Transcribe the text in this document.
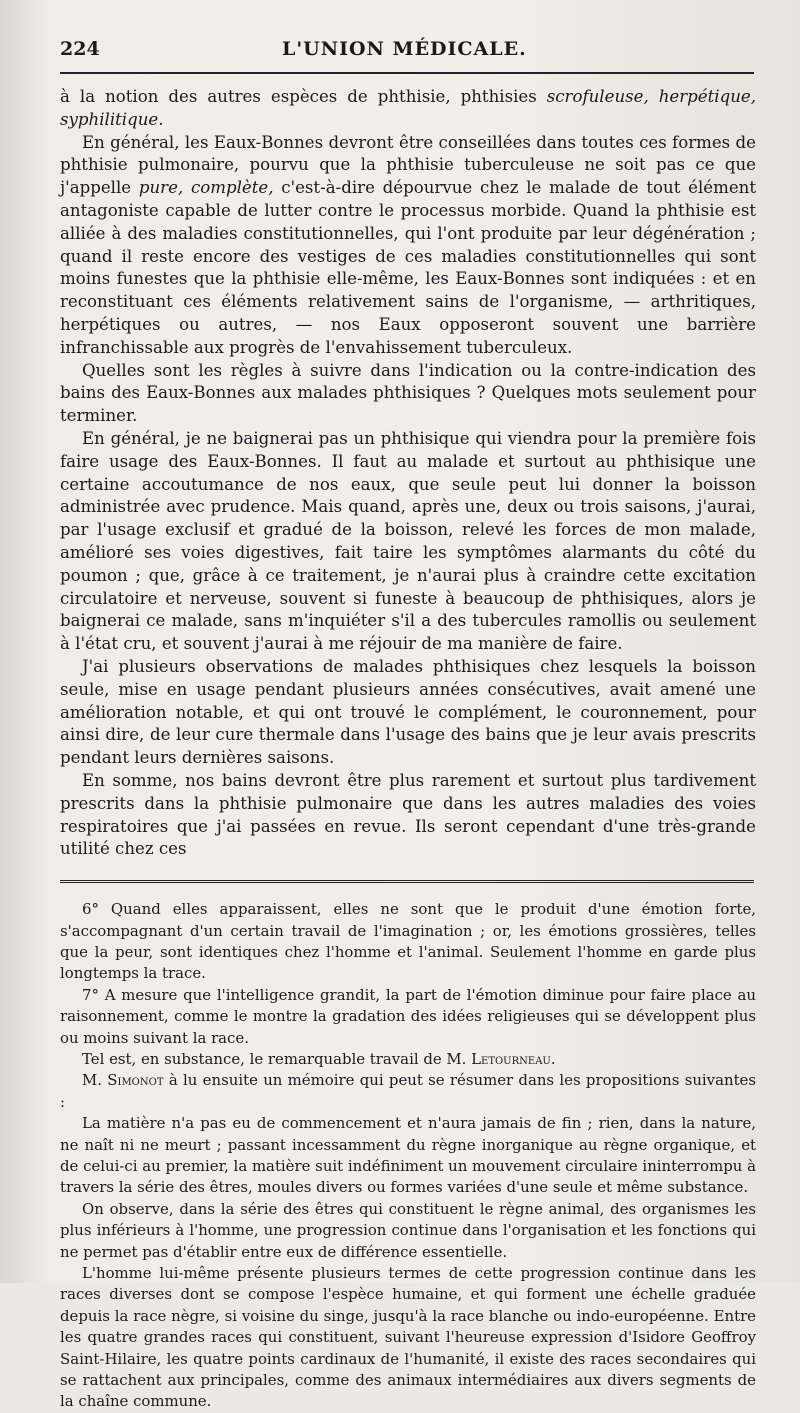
224	L'UNION MÉDICALE.

à la notion des autres espèces de phthisie, phthisies scrofuleuse, herpétique, syphilitique.

En général, les Eaux-Bonnes devront être conseillées dans toutes ces formes de phthisie pulmonaire, pourvu que la phthisie tuberculeuse ne soit pas ce que j'appelle pure, complète, c'est-à-dire dépourvue chez le malade de tout élément antagoniste capable de lutter contre le processus morbide. Quand la phthisie est alliée à des maladies constitutionnelles, qui l'ont produite par leur dégénération ; quand il reste encore des vestiges de ces maladies constitutionnelles qui sont moins funestes que la phthisie elle-même, les Eaux-Bonnes sont indiquées : et en reconstituant ces éléments relativement sains de l'organisme, — arthritiques, herpétiques ou autres, — nos Eaux opposeront souvent une barrière infranchissable aux progrès de l'envahissement tuberculeux.

Quelles sont les règles à suivre dans l'indication ou la contre-indication des bains des Eaux-Bonnes aux malades phthisiques ? Quelques mots seulement pour terminer.

En général, je ne baignerai pas un phthisique qui viendra pour la première fois faire usage des Eaux-Bonnes. Il faut au malade et surtout au phthisique une certaine accoutumance de nos eaux, que seule peut lui donner la boisson administrée avec prudence. Mais quand, après une, deux ou trois saisons, j'aurai, par l'usage exclusif et gradué de la boisson, relevé les forces de mon malade, amélioré ses voies digestives, fait taire les symptômes alarmants du côté du poumon ; que, grâce à ce traitement, je n'aurai plus à craindre cette excitation circulatoire et nerveuse, souvent si funeste à beaucoup de phthisiques, alors je baignerai ce malade, sans m'inquiéter s'il a des tubercules ramollis ou seulement à l'état cru, et souvent j'aurai à me réjouir de ma manière de faire.

J'ai plusieurs observations de malades phthisiques chez lesquels la boisson seule, mise en usage pendant plusieurs années consécutives, avait amené une amélioration notable, et qui ont trouvé le complément, le couronnement, pour ainsi dire, de leur cure thermale dans l'usage des bains que je leur avais prescrits pendant leurs dernières saisons.

En somme, nos bains devront être plus rarement et surtout plus tardivement prescrits dans la phthisie pulmonaire que dans les autres maladies des voies respiratoires que j'ai passées en revue. Ils seront cependant d'une très-grande utilité chez ces

6° Quand elles apparaissent, elles ne sont que le produit d'une émotion forte, s'accompagnant d'un certain travail de l'imagination ; or, les émotions grossières, telles que la peur, sont identiques chez l'homme et l'animal. Seulement l'homme en garde plus longtemps la trace.

7° A mesure que l'intelligence grandit, la part de l'émotion diminue pour faire place au raisonnement, comme le montre la gradation des idées religieuses qui se développent plus ou moins suivant la race.

Tel est, en substance, le remarquable travail de M. Letourneau.

M. Simonot à lu ensuite un mémoire qui peut se résumer dans les propositions suivantes :

La matière n'a pas eu de commencement et n'aura jamais de fin ; rien, dans la nature, ne naît ni ne meurt ; passant incessamment du règne inorganique au règne organique, et de celui-ci au premier, la matière suit indéfiniment un mouvement circulaire ininterrompu à travers la série des êtres, moules divers ou formes variées d'une seule et même substance.

On observe, dans la série des êtres qui constituent le règne animal, des organismes les plus inférieurs à l'homme, une progression continue dans l'organisation et les fonctions qui ne permet pas d'établir entre eux de différence essentielle.

L'homme lui-même présente plusieurs termes de cette progression continue dans les races diverses dont se compose l'espèce humaine, et qui forment une échelle graduée depuis la race nègre, si voisine du singe, jusqu'à la race blanche ou indo-européenne. Entre les quatre grandes races qui constituent, suivant l'heureuse expression d'Isidore Geoffroy Saint-Hilaire, les quatre points cardinaux de l'humanité, il existe des races secondaires qui se rattachent aux principales, comme des animaux intermédiaires aux divers segments de la chaîne commune.
